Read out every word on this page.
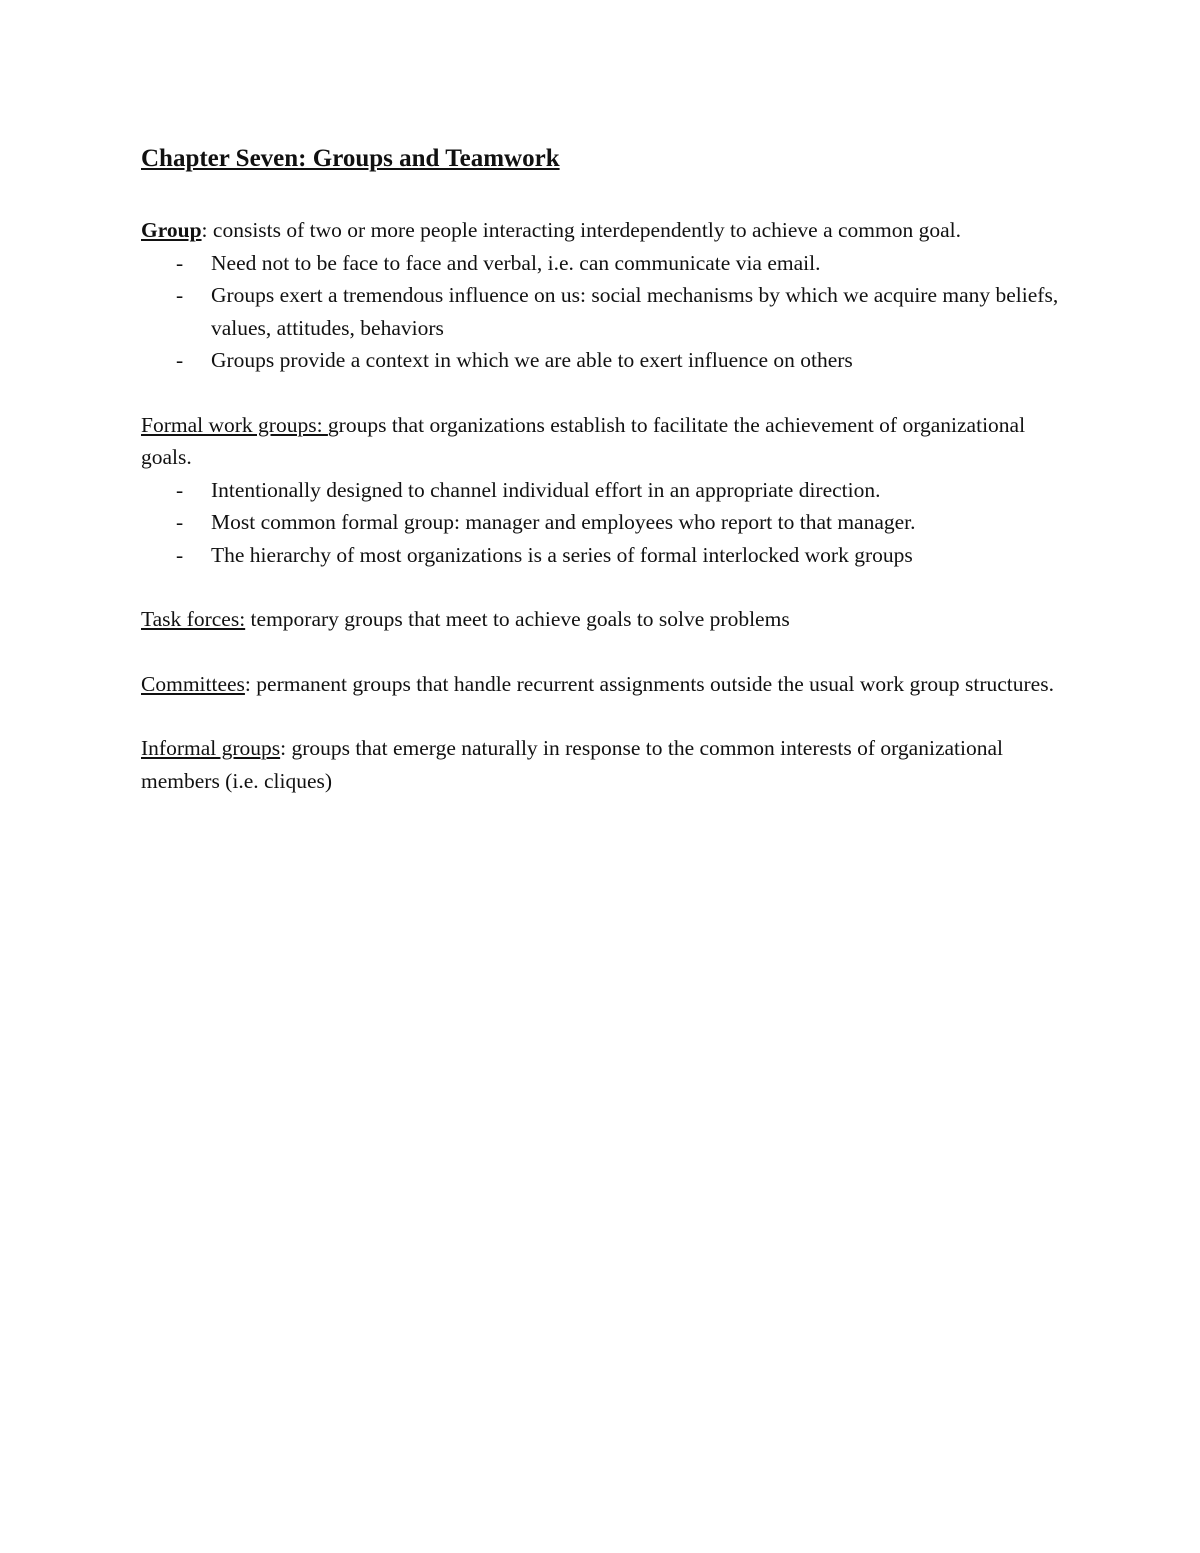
Chapter Seven: Groups and Teamwork

Group: consists of two or more people interacting interdependently to achieve a common goal.

- Need not to be face to face and verbal, i.e. can communicate via email.
- Groups exert a tremendous influence on us: social mechanisms by which we acquire many beliefs, values, attitudes, behaviors
- Groups provide a context in which we are able to exert influence on others

Formal work groups: groups that organizations establish to facilitate the achievement of organizational goals.

- Intentionally designed to channel individual effort in an appropriate direction.
- Most common formal group: manager and employees who report to that manager.
- The hierarchy of most organizations is a series of formal interlocked work groups

Task forces: temporary groups that meet to achieve goals to solve problems

Committees: permanent groups that handle recurrent assignments outside the usual work group structures.

Informal groups: groups that emerge naturally in response to the common interests of organizational members (i.e. cliques)
